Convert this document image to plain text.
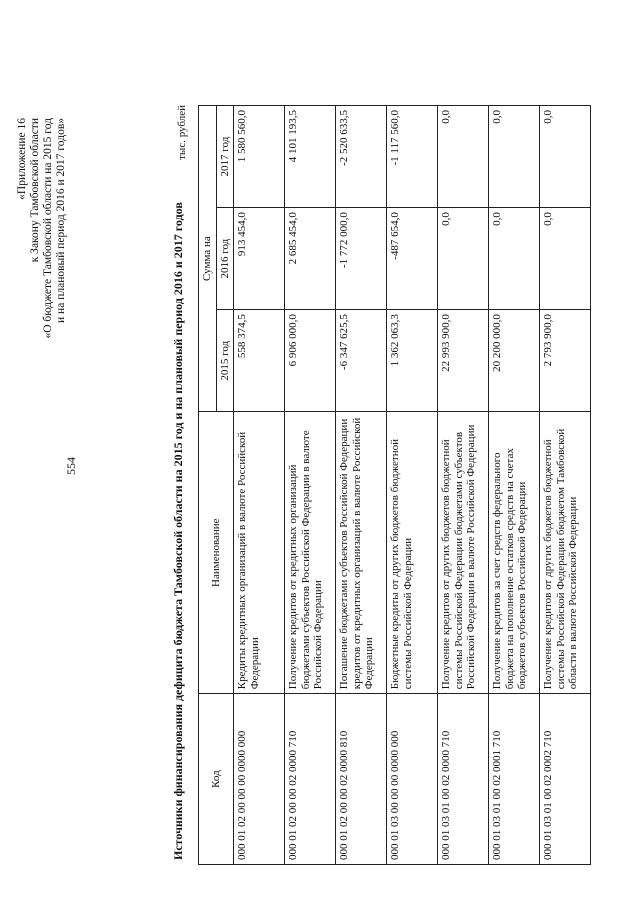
554
«Приложение 16 к Закону Тамбовской области «О бюджете Тамбовской области на 2015 год и на плановый период 2016 и 2017 годов»	Источники финансирования дефицита бюджета Тамбовской области на 2015 год и на плановый период 2016 и 2017 годов
тыс. рублей
Код	Наименование	Сумма на		
		2015 год	2016 год	2017 год
000 01 02 00 00 00 0000 000	Кредиты кредитных организаций в валюте Российской Федерации	558 374,5	913 454,0	1 580 560,0
000 01 02 00 00 02 0000 710	Получение кредитов от кредитных организаций бюджетами субъектов Российской Федерации в валюте Российской Федерации	6 906 000,0	2 685 454,0	4 101 193,5
000 01 02 00 00 02 0000 810	Погашение бюджетами субъектов Российской Федерации кредитов от кредитных организаций в валюте Российской Федерации	-6 347 625,5	-1 772 000,0	-2 520 633,5
000 01 03 00 00 00 0000 000	Бюджетные кредиты от других бюджетов бюджетной системы Российской Федерации	1 362 063,3	-487 654,0	-1 117 560,0
000 01 03 01 00 02 0000 710	Получение кредитов от других бюджетов бюджетной системы Российской Федерации бюджетами субъектов Российской Федерации в валюте Российской Федерации	22 993 900,0	0,0	0,0
000 01 03 01 00 02 0001 710	Получение кредитов за счет средств федерального бюджета на пополнение остатков средств на счетах бюджетов субъектов Российской Федерации	20 200 000,0	0,0	0,0
000 01 03 01 00 02 0002 710	Получение кредитов от других бюджетов бюджетной системы Российской Федерации бюджетом Тамбовской области в валюте Российской Федерации	2 793 900,0	0,0	0,0
